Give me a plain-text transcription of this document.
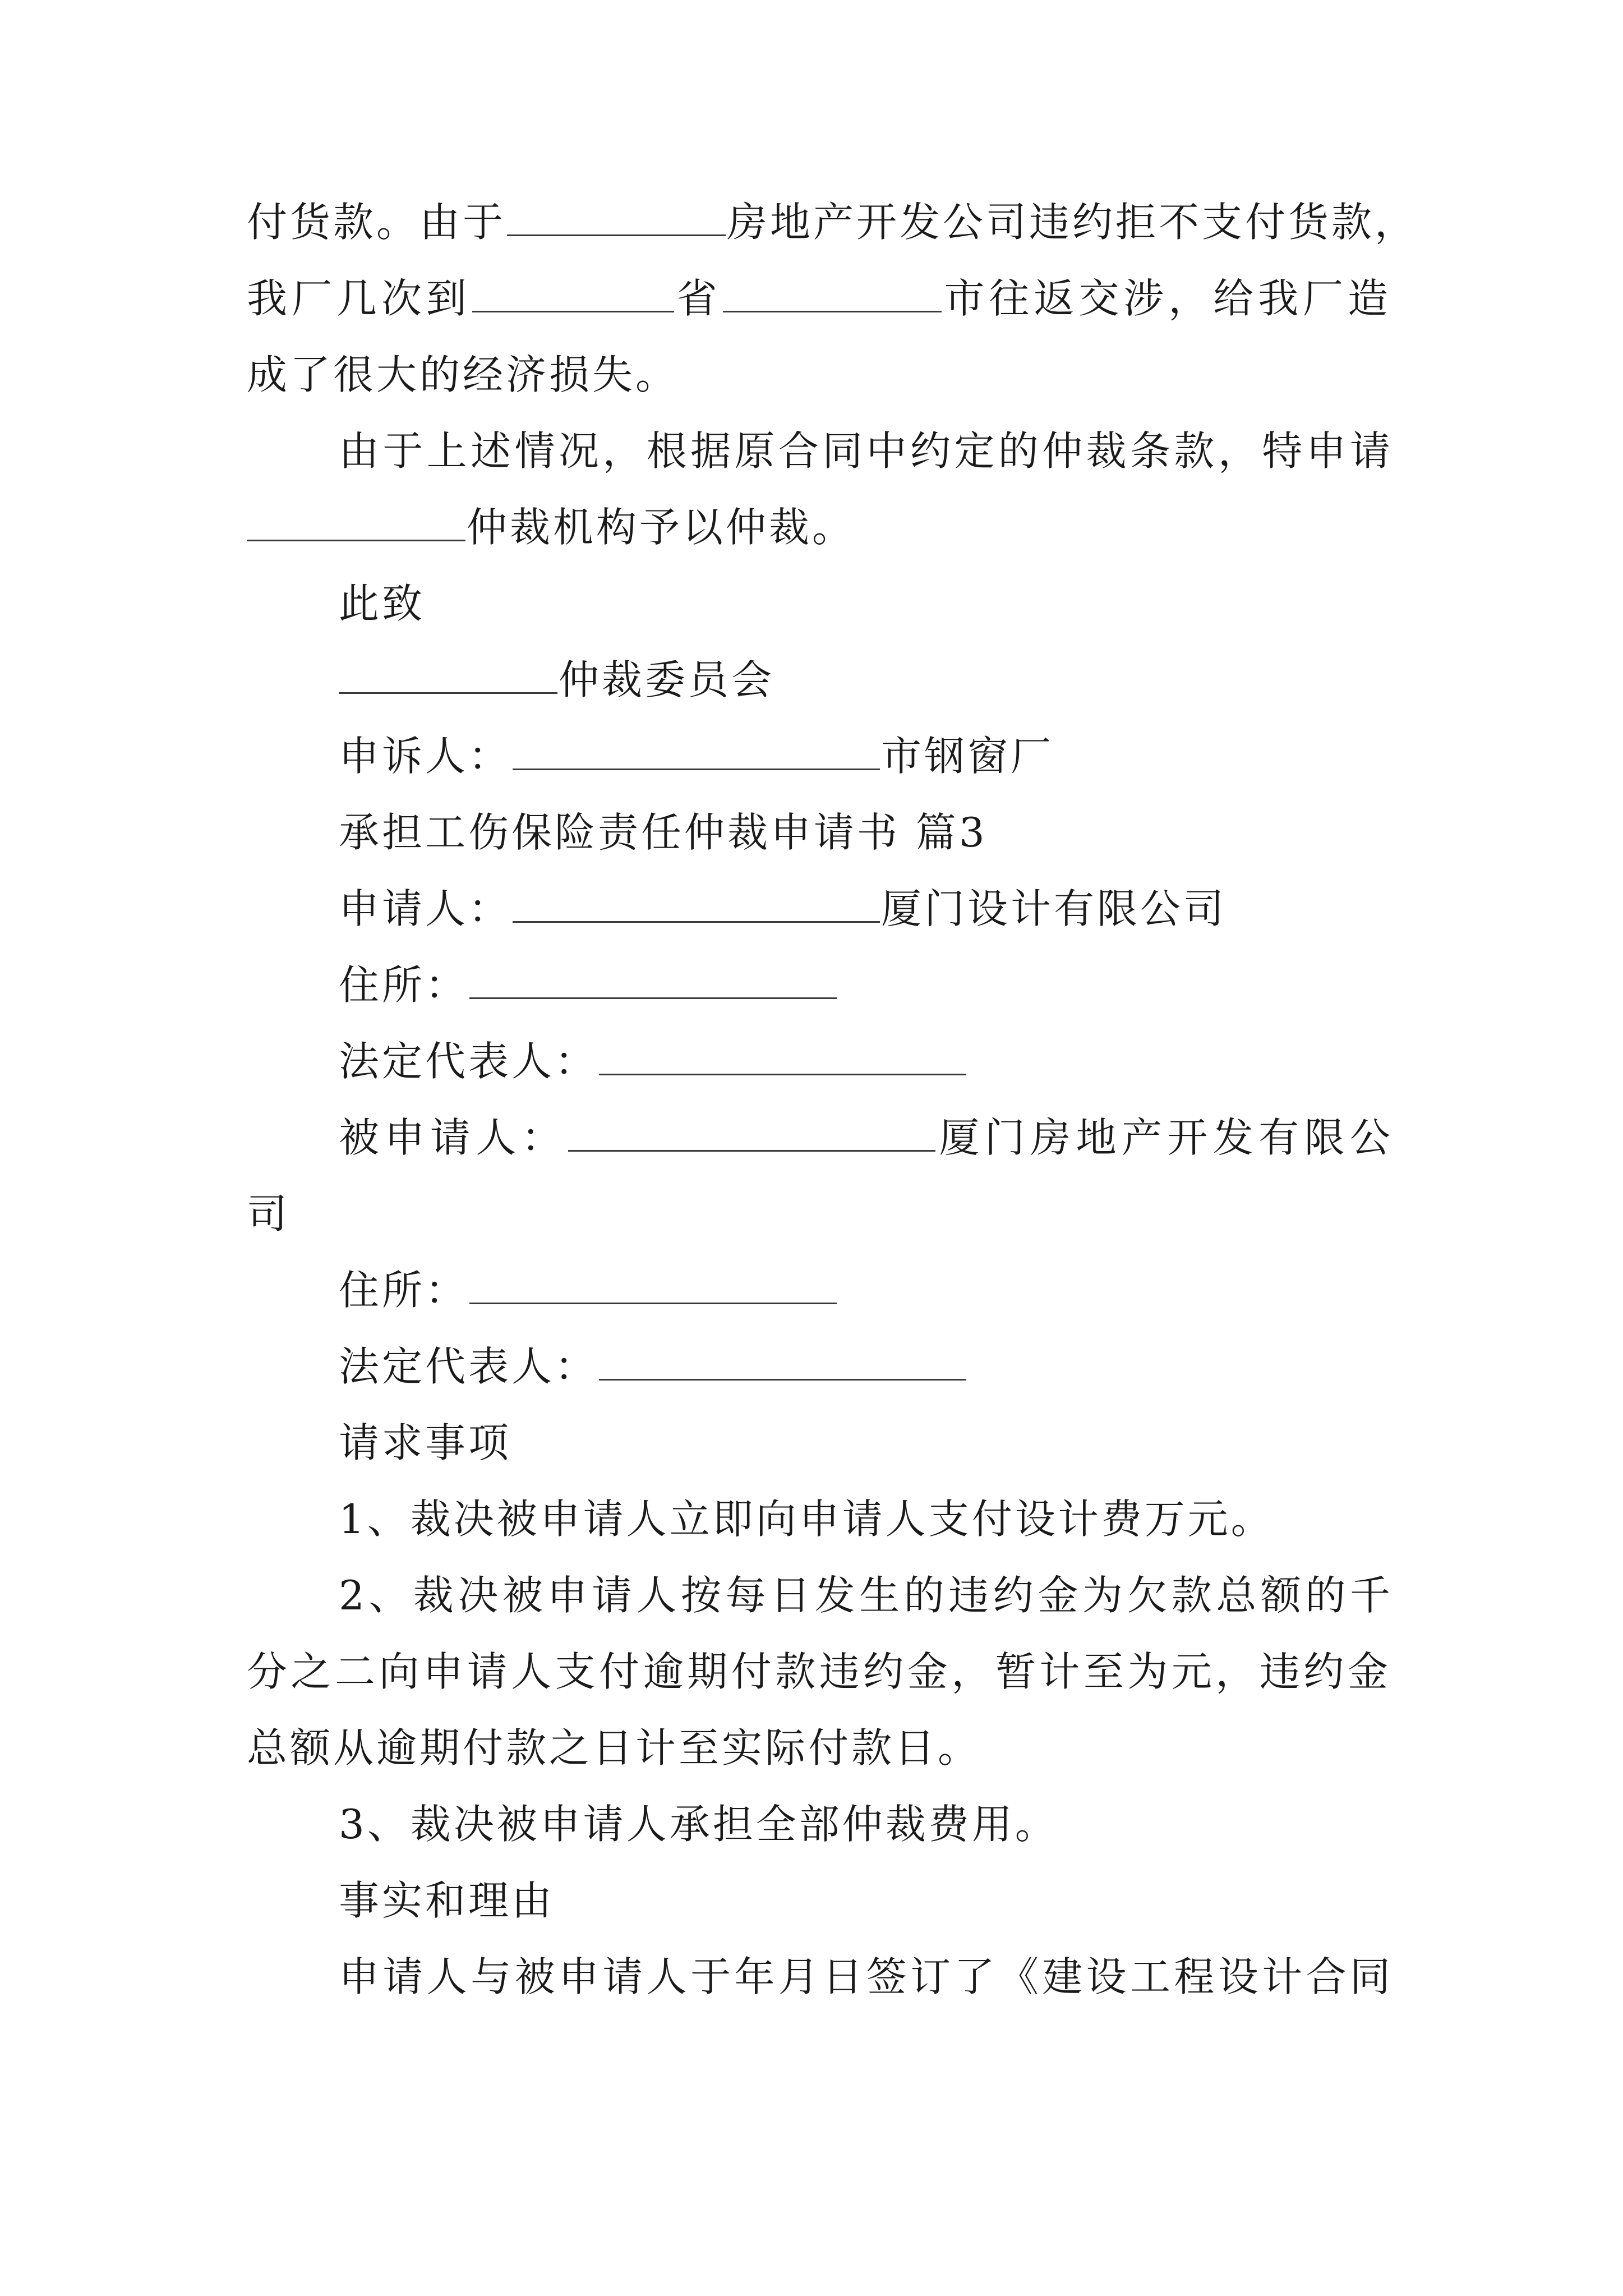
付货款。由于	房地产开发公司违约拒不支付货款，
我厂几次到	省	市往返交涉，给我厂造
成了很大的经济损失。
由于上述情况，根据原合同中约定的仲裁条款，特申请
仲裁机构予以仲裁。
此致
仲裁委员会
申诉人：	市钢窗厂
承担工伤保险责任仲裁申请书 篇3
申请人：	厦门设计有限公司
住所：
法定代表人：
被申请人：	厦门房地产开发有限公
司
住所：
法定代表人：
请求事项
1、裁决被申请人立即向申请人支付设计费万元。
2、裁决被申请人按每日发生的违约金为欠款总额的千
分之二向申请人支付逾期付款违约金，暂计至为元，违约金
总额从逾期付款之日计至实际付款日。
3、裁决被申请人承担全部仲裁费用。
事实和理由
申请人与被申请人于年月日签订了《建设工程设计合同
